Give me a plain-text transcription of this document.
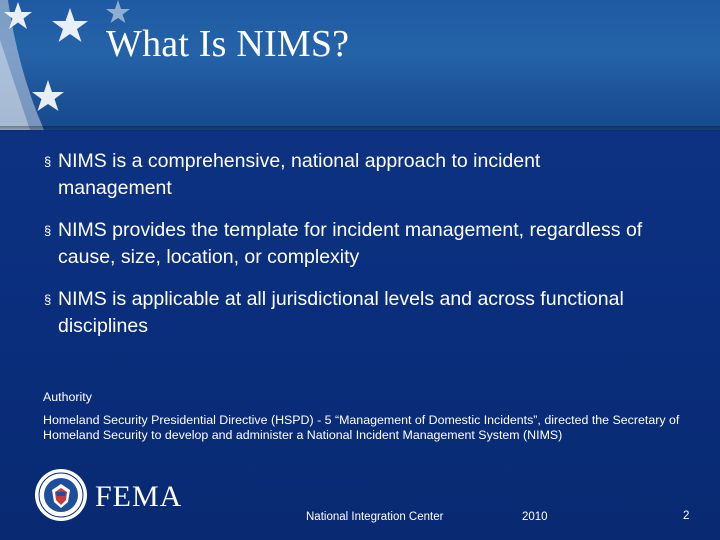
What Is NIMS?
§ NIMS is a comprehensive, national approach to incident management
§ NIMS provides the template for incident management, regardless of cause, size, location, or complexity
§ NIMS is applicable at all jurisdictional levels and across functional disciplines

Authority

Homeland Security Presidential Directive (HSPD) - 5 “Management of Domestic Incidents”, directed the Secretary of Homeland Security to develop and administer a National Incident Management System (NIMS)

FEMA
National Integration Center	2010	2
